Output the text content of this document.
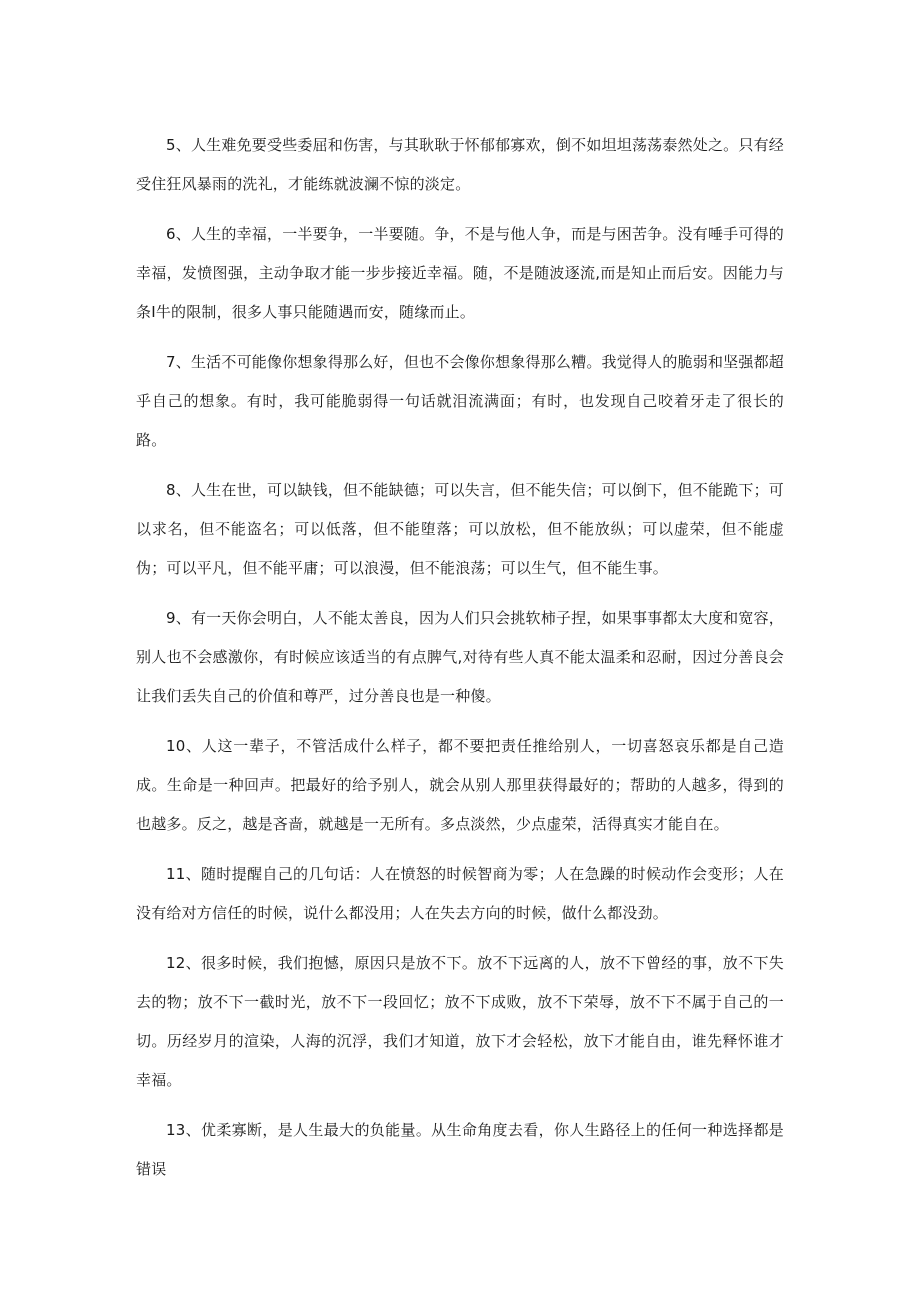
5、人生难免要受些委屈和伤害，与其耿耿于怀郁郁寡欢，倒不如坦坦荡荡泰然处之。只有经受住狂风暴雨的洗礼，才能练就波澜不惊的淡定。

6、人生的幸福，一半要争，一半要随。争，不是与他人争，而是与困苦争。没有唾手可得的幸福，发愤图强，主动争取才能一步步接近幸福。随，不是随波逐流,而是知止而后安。因能力与条I牛的限制，很多人事只能随遇而安，随缘而止。

7、生活不可能像你想象得那么好，但也不会像你想象得那么糟。我觉得人的脆弱和坚强都超乎自己的想象。有时，我可能脆弱得一句话就泪流满面；有时，也发现自己咬着牙走了很长的路。

8、人生在世，可以缺钱，但不能缺德；可以失言，但不能失信；可以倒下，但不能跪下；可以求名，但不能盗名；可以低落，但不能堕落；可以放松，但不能放纵；可以虚荣，但不能虚伪；可以平凡，但不能平庸；可以浪漫，但不能浪荡；可以生气，但不能生事。

9、有一天你会明白，人不能太善良，因为人们只会挑软柿子捏，如果事事都太大度和宽容，别人也不会感激你，有时候应该适当的有点脾气,对待有些人真不能太温柔和忍耐，因过分善良会让我们丢失自己的价值和尊严，过分善良也是一种傻。

10、人这一辈子，不管活成什么样子，都不要把责任推给别人，一切喜怒哀乐都是自己造成。生命是一种回声。把最好的给予别人，就会从别人那里获得最好的；帮助的人越多，得到的也越多。反之，越是吝啬，就越是一无所有。多点淡然，少点虚荣，活得真实才能自在。

11、随时提醒自己的几句话：人在愤怒的时候智商为零；人在急躁的时候动作会变形；人在没有给对方信任的时候，说什么都没用；人在失去方向的时候，做什么都没劲。

12、很多时候，我们抱憾，原因只是放不下。放不下远离的人，放不下曾经的事，放不下失去的物；放不下一截时光，放不下一段回忆；放不下成败，放不下荣辱，放不下不属于自己的一切。历经岁月的渲染，人海的沉浮，我们才知道，放下才会轻松，放下才能自由，谁先释怀谁才幸福。

13、优柔寡断，是人生最大的负能量。从生命角度去看，你人生路径上的任何一种选择都是错误
